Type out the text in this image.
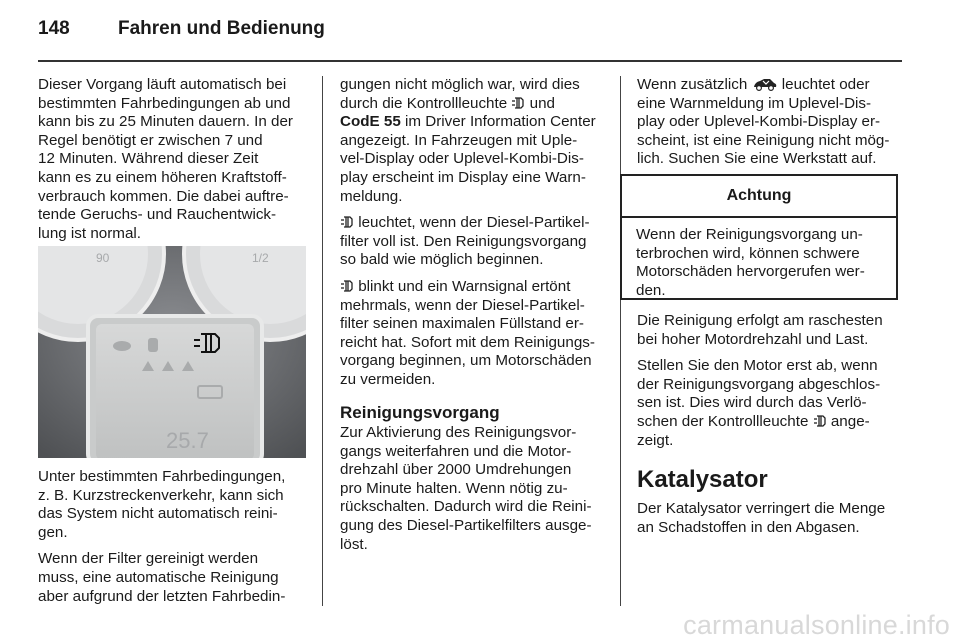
148	Fahren und Bedienung
Dieser Vorgang läuft automatisch bei
bestimmten Fahrbedingungen ab und
kann bis zu 25 Minuten dauern. In der
Regel benötigt er zwischen 7 und
12 Minuten. Während dieser Zeit
kann es zu einem höheren Kraftstoff-
verbrauch kommen. Die dabei auftre-
tende Geruchs- und Rauchentwick-
lung ist normal.
90	1/2
25.7
Unter bestimmten Fahrbedingungen,
z. B. Kurzstreckenverkehr, kann sich
das System nicht automatisch reini-
gen.
Wenn der Filter gereinigt werden
muss, eine automatische Reinigung
aber aufgrund der letzten Fahrbedin-
gungen nicht möglich war, wird dies
durch die Kontrollleuchte und
CodE 55 im Driver Information Center
angezeigt. In Fahrzeugen mit Uple-
vel-Display oder Uplevel-Kombi-Dis-
play erscheint im Display eine Warn-
meldung.
leuchtet, wenn der Diesel-Partikel-
filter voll ist. Den Reinigungsvorgang
so bald wie möglich beginnen.
blinkt und ein Warnsignal ertönt
mehrmals, wenn der Diesel-Partikel-
filter seinen maximalen Füllstand er-
reicht hat. Sofort mit dem Reinigungs-
vorgang beginnen, um Motorschäden
zu vermeiden.
Reinigungsvorgang
Zur Aktivierung des Reinigungsvor-
gangs weiterfahren und die Motor-
drehzahl über 2000 Umdrehungen
pro Minute halten. Wenn nötig zu-
rückschalten. Dadurch wird die Reini-
gung des Diesel-Partikelfilters ausge-
löst.
Wenn zusätzlich leuchtet oder
eine Warnmeldung im Uplevel-Dis-
play oder Uplevel-Kombi-Display er-
scheint, ist eine Reinigung nicht mög-
lich. Suchen Sie eine Werkstatt auf.
Achtung
Wenn der Reinigungsvorgang un-
terbrochen wird, können schwere
Motorschäden hervorgerufen wer-
den.
Die Reinigung erfolgt am raschesten
bei hoher Motordrehzahl und Last.
Stellen Sie den Motor erst ab, wenn
der Reinigungsvorgang abgeschlos-
sen ist. Dies wird durch das Verlö-
schen der Kontrollleuchte ange-
zeigt.
Katalysator
Der Katalysator verringert die Menge
an Schadstoffen in den Abgasen.
carmanualsonline.info
